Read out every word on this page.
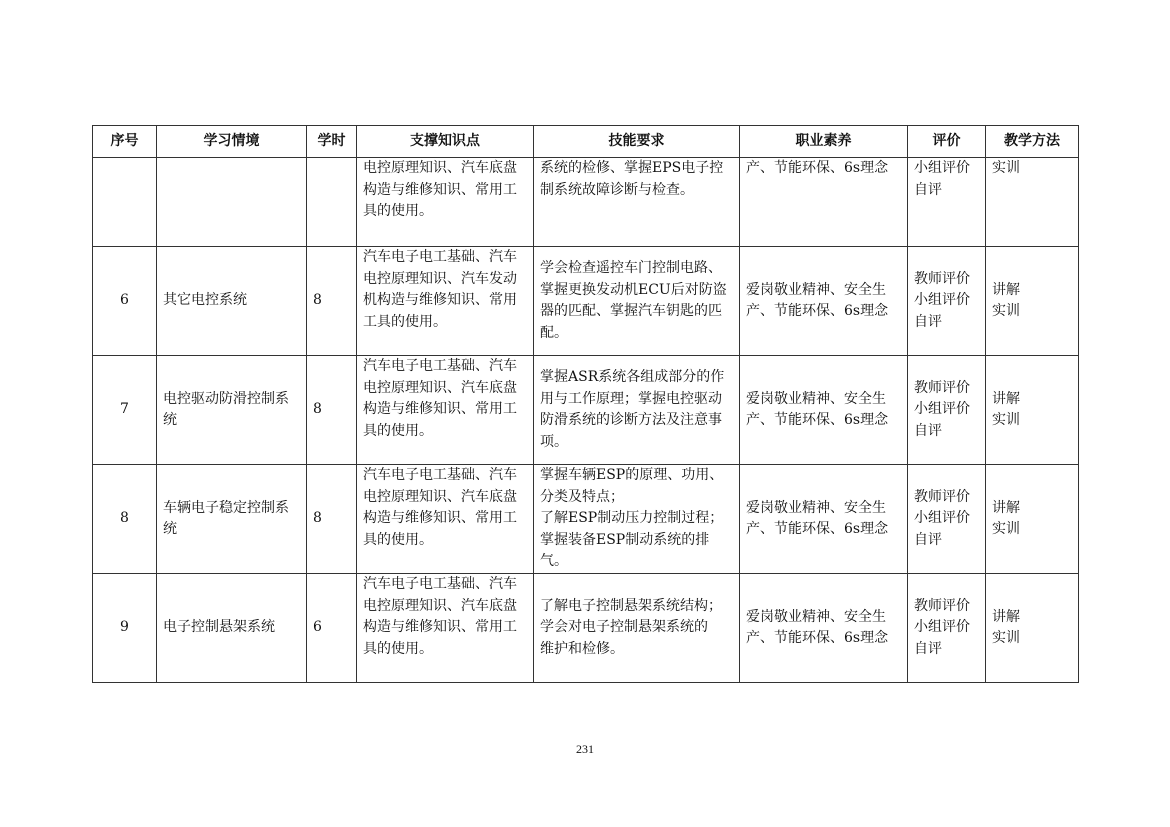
序号	学习情境	学时	支撑知识点	技能要求	职业素养	评价	教学方法

			电控原理知识、汽车底盘
构造与维修知识、常用工
具的使用。	系统的检修、掌握EPS电子控
制系统故障诊断与检查。	产、节能环保、6s理念	小组评价
自评	实训

6	其它电控系统	8	汽车电子电工基础、汽车
电控原理知识、汽车发动
机构造与维修知识、常用
工具的使用。	学会检查遥控车门控制电路、
掌握更换发动机ECU后对防盗
器的匹配、掌握汽车钥匙的匹
配。	爱岗敬业精神、安全生
产、节能环保、6s理念	教师评价
小组评价
自评	讲解
实训

7	电控驱动防滑控制系
统	8	汽车电子电工基础、汽车
电控原理知识、汽车底盘
构造与维修知识、常用工
具的使用。	掌握ASR系统各组成部分的作
用与工作原理；掌握电控驱动
防滑系统的诊断方法及注意事
项。	爱岗敬业精神、安全生
产、节能环保、6s理念	教师评价
小组评价
自评	讲解
实训

8	车辆电子稳定控制系
统	8	汽车电子电工基础、汽车
电控原理知识、汽车底盘
构造与维修知识、常用工
具的使用。	掌握车辆ESP的原理、功用、
分类及特点；
了解ESP制动压力控制过程；
掌握装备ESP制动系统的排
气。	爱岗敬业精神、安全生
产、节能环保、6s理念	教师评价
小组评价
自评	讲解
实训

9	电子控制悬架系统	6	汽车电子电工基础、汽车
电控原理知识、汽车底盘
构造与维修知识、常用工
具的使用。	了解电子控制悬架系统结构；
学会对电子控制悬架系统的
维护和检修。	爱岗敬业精神、安全生
产、节能环保、6s理念	教师评价
小组评价
自评	讲解
实训
231
